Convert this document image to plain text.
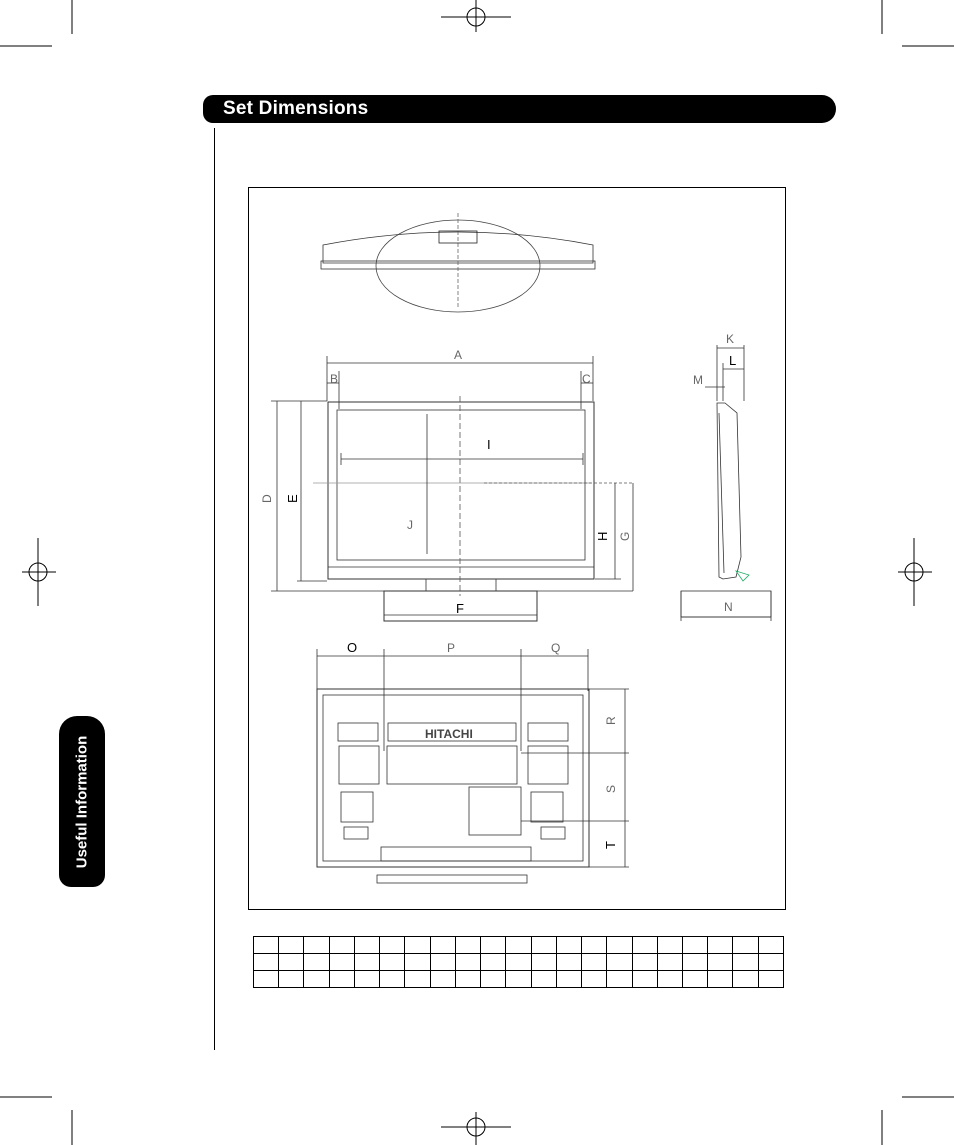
Set Dimensions
Useful Information
A
B	C
D E
F
G
H
I
J
K
L
M
N
O	P	Q
R
S
T
HITACHI
